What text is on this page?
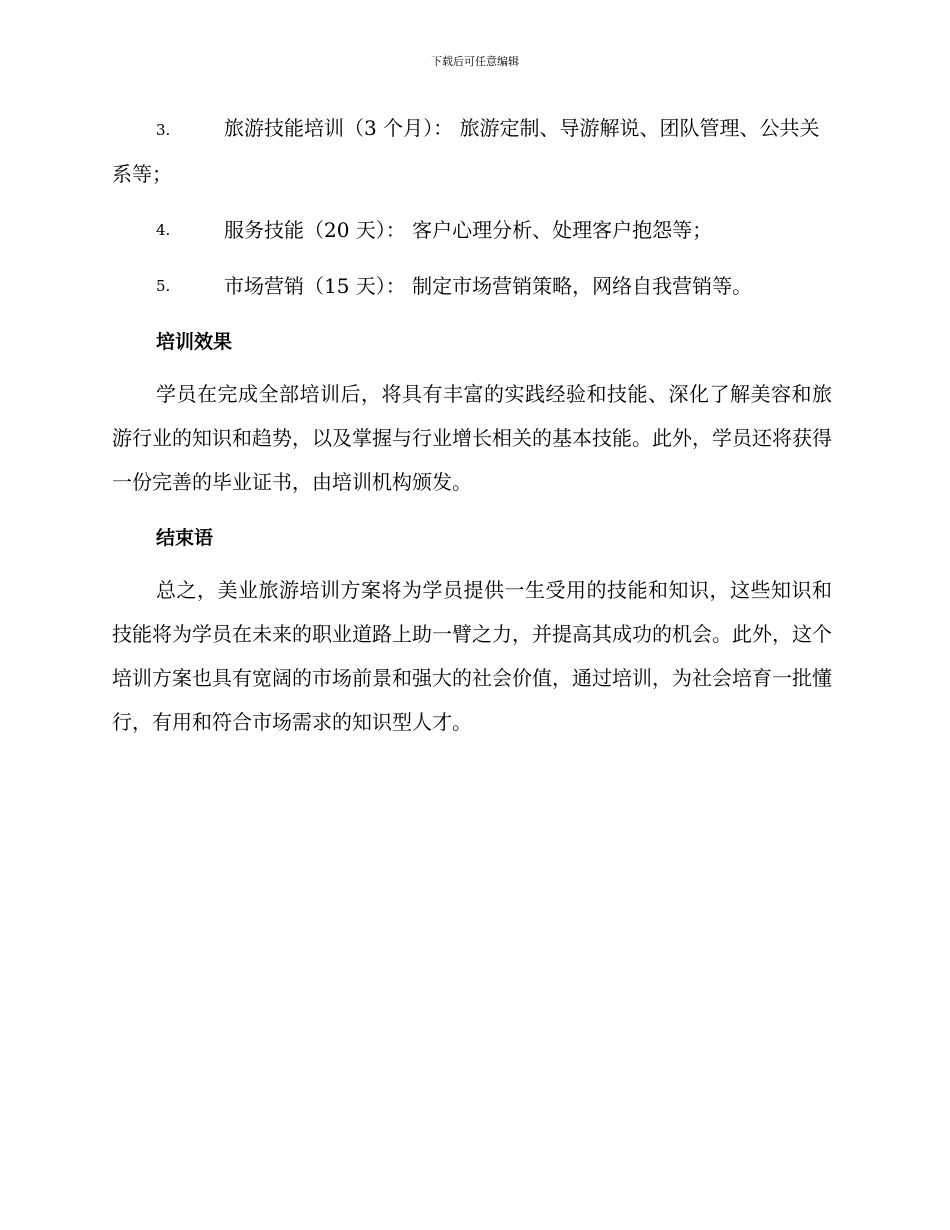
下载后可任意编辑
3.	旅游技能培训（3 个月）： 旅游定制、导游解说、团队管理、公共关系等；
4.	服务技能（20 天）： 客户心理分析、处理客户抱怨等；
5.	市场营销（15 天）： 制定市场营销策略，网络自我营销等。
培训效果

学员在完成全部培训后，将具有丰富的实践经验和技能、深化了解美容和旅游行业的知识和趋势，以及掌握与行业增长相关的基本技能。此外，学员还将获得一份完善的毕业证书，由培训机构颁发。

结束语

总之，美业旅游培训方案将为学员提供一生受用的技能和知识，这些知识和技能将为学员在未来的职业道路上助一臂之力，并提高其成功的机会。此外，这个培训方案也具有宽阔的市场前景和强大的社会价值，通过培训，为社会培育一批懂行，有用和符合市场需求的知识型人才。
